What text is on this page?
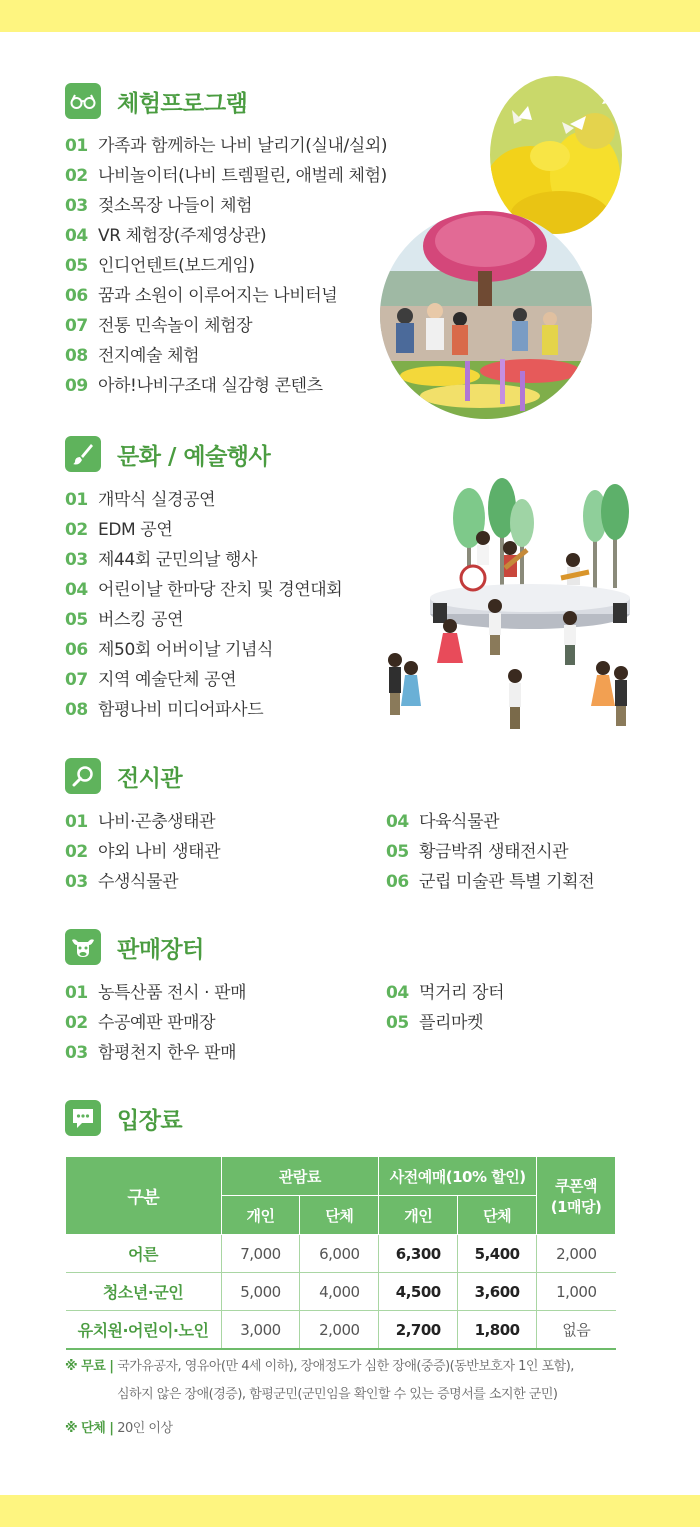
체험프로그램
01 가족과 함께하는 나비 날리기(실내/실외)
02 나비놀이터(나비 트렘펄린, 애벌레 체험)
03 젖소목장 나들이 체험
04 VR 체험장(주제영상관)
05 인디언텐트(보드게임)
06 꿈과 소원이 이루어지는 나비터널
07 전통 민속놀이 체험장
08 전지예술 체험
09 아하!나비구조대 실감형 콘텐츠
문화 / 예술행사
01 개막식 실경공연
02 EDM 공연
03 제44회 군민의날 행사
04 어린이날 한마당 잔치 및 경연대회
05 버스킹 공연
06 제50회 어버이날 기념식
07 지역 예술단체 공연
08 함평나비 미디어파사드
전시관
01 나비·곤충생태관
02 야외 나비 생태관
03 수생식물관
04 다육식물관
05 황금박쥐 생태전시관
06 군립 미술관 특별 기획전
판매장터
01 농특산품 전시 · 판매
02 수공예판 판매장
03 함평천지 한우 판매
04 먹거리 장터
05 플리마켓
입장료
구분	관람료		사전예매(10% 할인)		쿠폰액
(1매당)
	개인	단체	개인	단체	
어른	7,000	6,000	6,300	5,400	2,000
청소년·군인	5,000	4,000	4,500	3,600	1,000
유치원·어린이·노인	3,000	2,000	2,700	1,800	없음
※ 무료 | 국가유공자, 영유아(만 4세 이하), 장애정도가 심한 장애(중증)(동반보호자 1인 포함),
심하지 않은 장애(경증), 함평군민(군민임을 확인할 수 있는 증명서를 소지한 군민)
※ 단체 | 20인 이상
